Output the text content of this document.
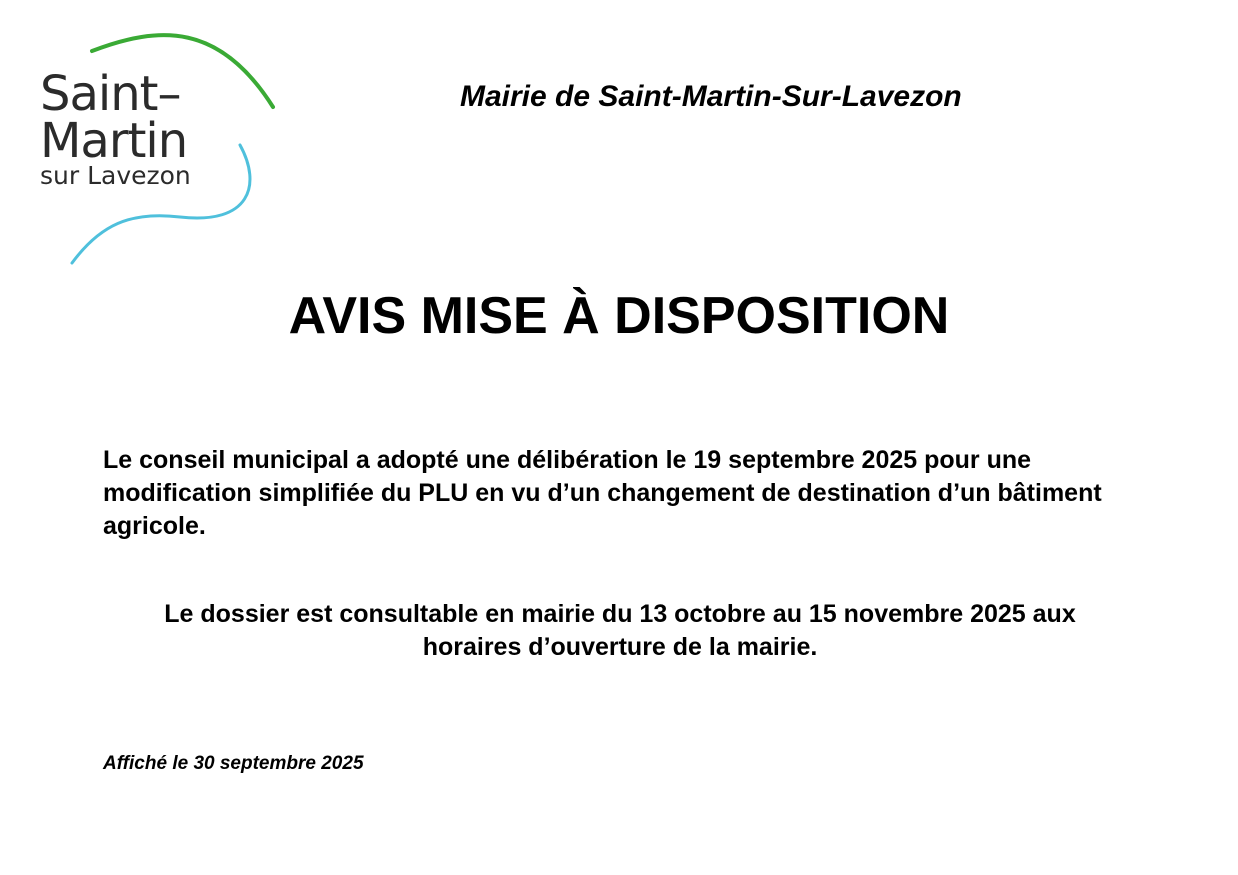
Saint–
Martin
sur Lavezon
Mairie de Saint-Martin-Sur-Lavezon
AVIS MISE À DISPOSITION
Le conseil municipal a adopté une délibération le 19 septembre 2025 pour une modification simplifiée du PLU en vu d’un changement de destination d’un bâtiment agricole.
Le dossier est consultable en mairie du 13 octobre au 15 novembre 2025 aux
horaires d’ouverture de la mairie.
Affiché le 30 septembre 2025
